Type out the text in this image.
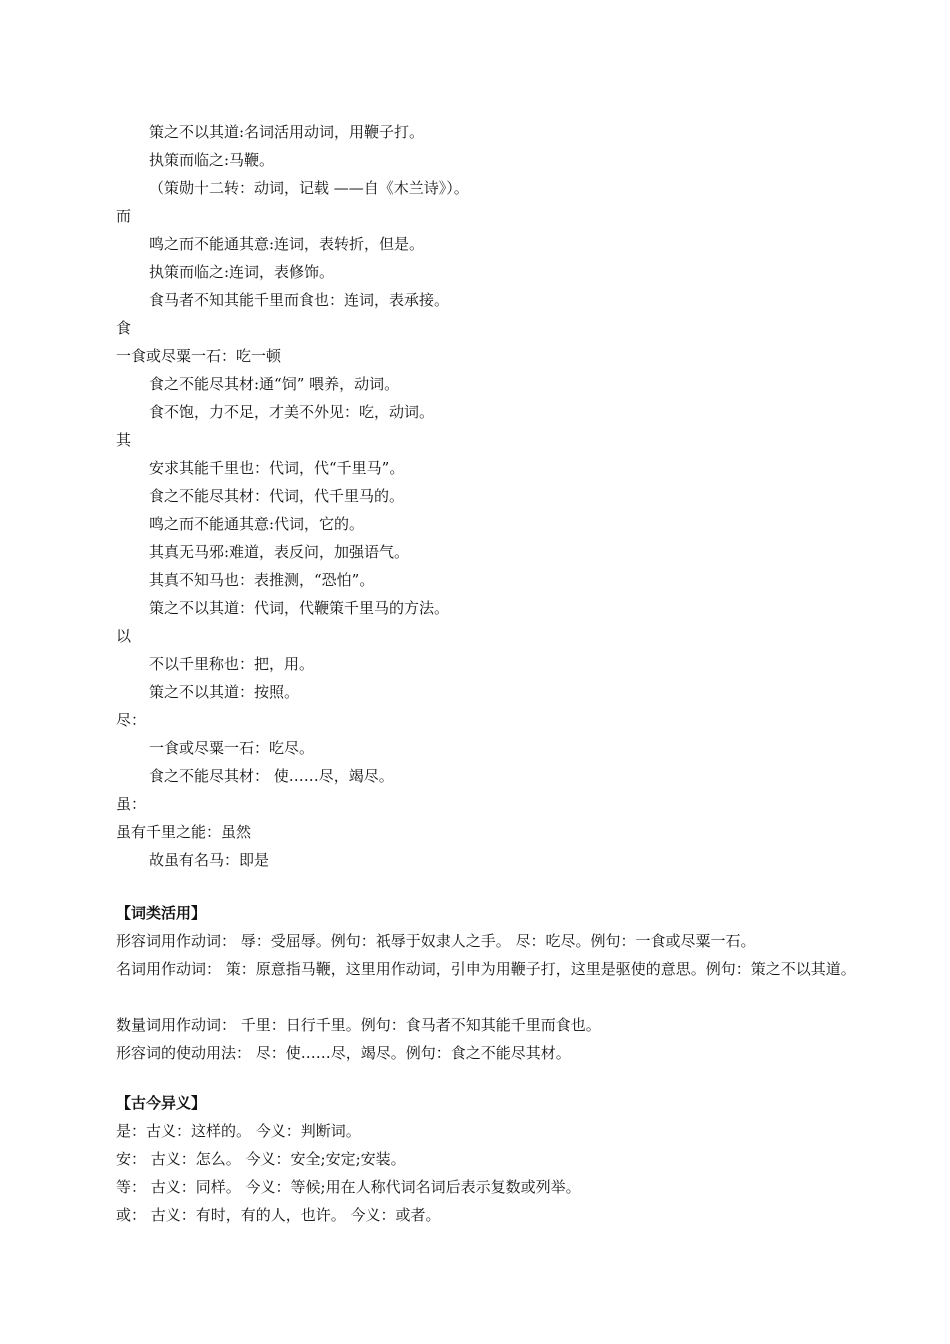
策之不以其道:名词活用动词，用鞭子打。
执策而临之:马鞭。
（策勋十二转：动词，记载 ——自《木兰诗》）。
而
鸣之而不能通其意:连词，表转折，但是。
执策而临之:连词，表修饰。
食马者不知其能千里而食也：连词，表承接。
食
一食或尽粟一石：吃一顿
食之不能尽其材:通“饲” 喂养，动词。
食不饱，力不足，才美不外见：吃，动词。
其
安求其能千里也：代词，代“千里马”。
食之不能尽其材：代词，代千里马的。
鸣之而不能通其意:代词，它的。
其真无马邪:难道，表反问，加强语气。
其真不知马也：表推测，“恐怕”。
策之不以其道：代词，代鞭策千里马的方法。
以
不以千里称也：把，用。
策之不以其道：按照。
尽：
一食或尽粟一石：吃尽。
食之不能尽其材： 使……尽，竭尽。
虽：
虽有千里之能：虽然
故虽有名马：即是
【词类活用】
形容词用作动词： 辱：受屈辱。例句：祇辱于奴隶人之手。 尽：吃尽。例句：一食或尽粟一石。
名词用作动词： 策：原意指马鞭，这里用作动词，引申为用鞭子打，这里是驱使的意思。例句：策之不以其道。
数量词用作动词： 千里：日行千里。例句：食马者不知其能千里而食也。
形容词的使动用法： 尽：使……尽，竭尽。例句：食之不能尽其材。
【古今异义】
是：古义：这样的。 今义：判断词。
安： 古义：怎么。 今义：安全;安定;安装。
等： 古义：同样。 今义：等候;用在人称代词名词后表示复数或列举。
或： 古义：有时，有的人，也许。 今义：或者。
